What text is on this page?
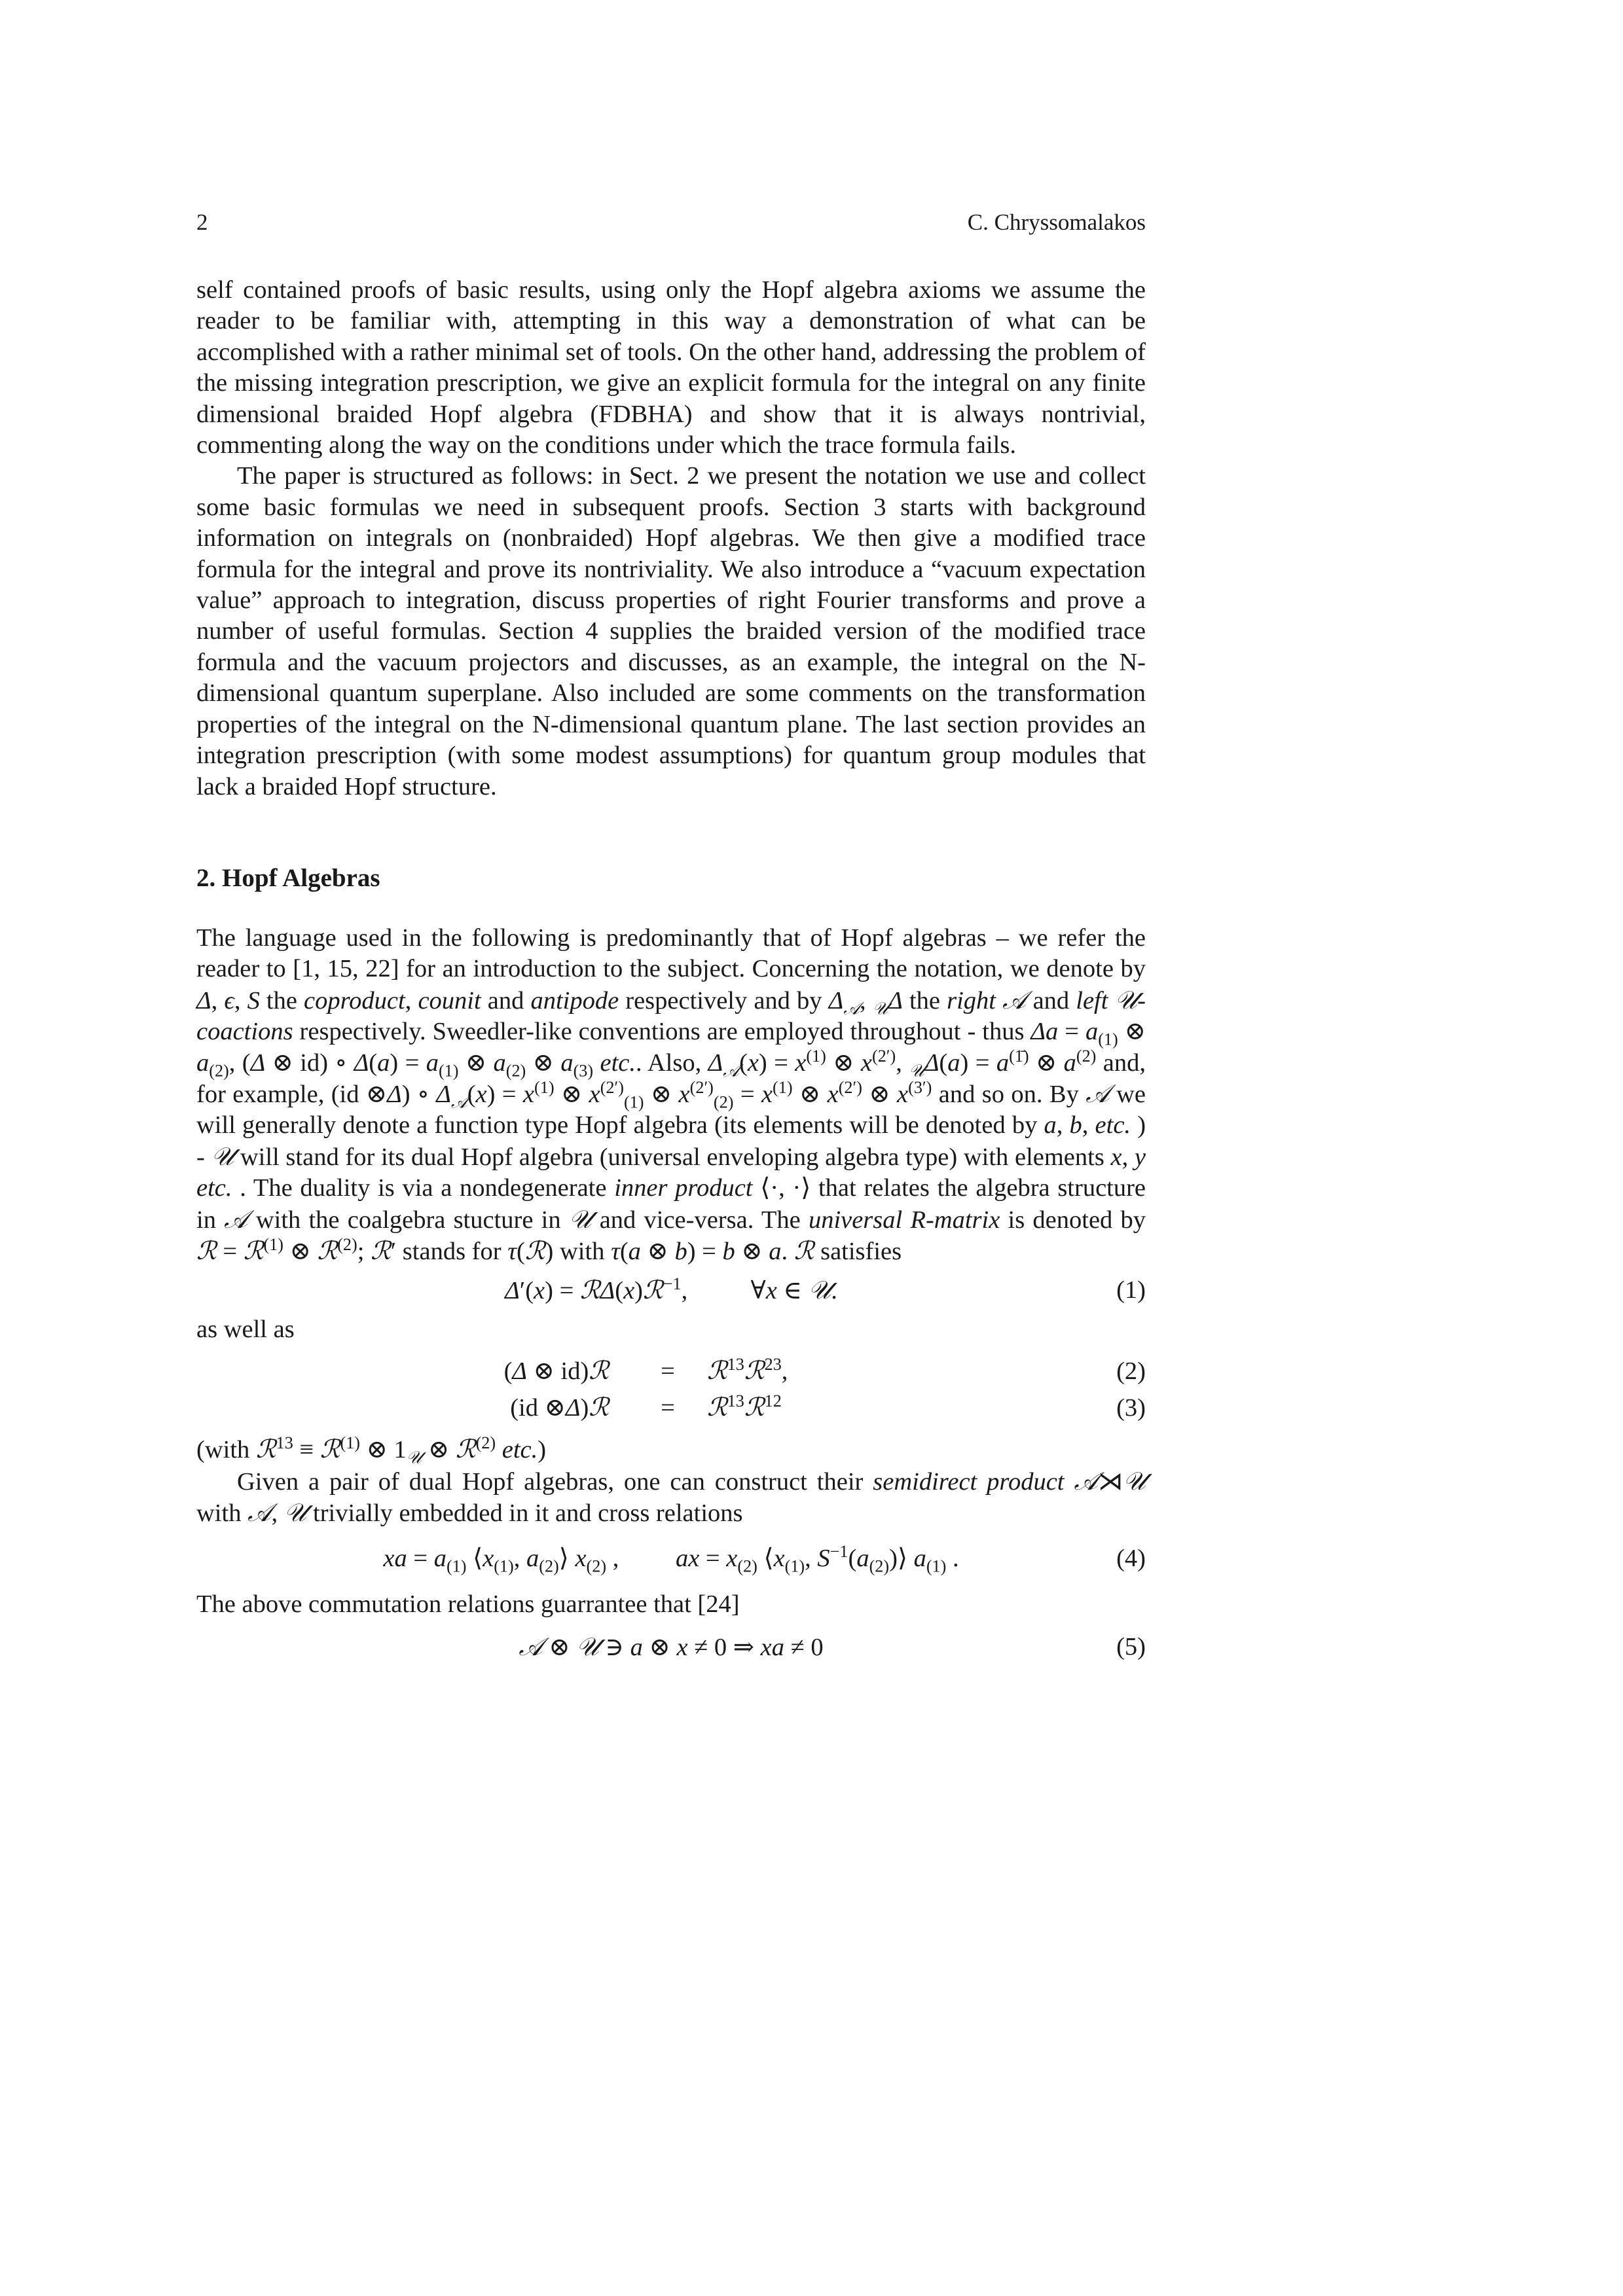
2	C. Chryssomalakos

self contained proofs of basic results, using only the Hopf algebra axioms we assume the reader to be familiar with, attempting in this way a demonstration of what can be accomplished with a rather minimal set of tools. On the other hand, addressing the problem of the missing integration prescription, we give an explicit formula for the integral on any finite dimensional braided Hopf algebra (FDBHA) and show that it is always nontrivial, commenting along the way on the conditions under which the trace formula fails.

The paper is structured as follows: in Sect. 2 we present the notation we use and collect some basic formulas we need in subsequent proofs. Section 3 starts with background information on integrals on (nonbraided) Hopf algebras. We then give a modified trace formula for the integral and prove its nontriviality. We also introduce a “vacuum expectation value” approach to integration, discuss properties of right Fourier transforms and prove a number of useful formulas. Section 4 supplies the braided version of the modified trace formula and the vacuum projectors and discusses, as an example, the integral on the N-dimensional quantum superplane. Also included are some comments on the transformation properties of the integral on the N-dimensional quantum plane. The last section provides an integration prescription (with some modest assumptions) for quantum group modules that lack a braided Hopf structure.

2. Hopf Algebras

The language used in the following is predominantly that of Hopf algebras – we refer the reader to [1, 15, 22] for an introduction to the subject. Concerning the notation, we denote by Δ, ϵ, S the coproduct, counit and antipode respectively and by $\Delta_𝒜$, $_𝒰$Δ the right 𝒜 and left 𝒰-coactions respectively. Sweedler-like conventions are employed throughout - thus $\Delta a = a_{(1)}$ ⊗ $a_{(2)}$, (Δ ⊗ id) ∘ $\Delta(a) = a_{(1)}$ ⊗ $a_{(2)}$ ⊗ $a_{(3)}$ etc.. Also, $\Delta_𝒜(x) = x^{(1)}$ ⊗ $x^{(2')}$, $_𝒰\Delta(a) = a^{(1̄)}$ ⊗ $a^{(2)}$ and, for example, (id ⊗Δ) ∘ $\Delta_𝒜(x) = x^{(1)}$ ⊗ $x^{(2')}_{(1)}$ ⊗ $x^{(2')}_{(2)} = x^{(1)}$ ⊗ $x^{(2')}$ ⊗ $x^{(3')}$ and so on. By 𝒜 we will generally denote a function type Hopf algebra (its elements will be denoted by a, b, etc. ) - 𝒰 will stand for its dual Hopf algebra (universal enveloping algebra type) with elements x, y etc. . The duality is via a nondegenerate inner product ⟨·, ·⟩ that relates the algebra structure in 𝒜 with the coalgebra stucture in 𝒰 and vice-versa. The universal R-matrix is denoted by ℛ = ℛ$^{(1)}$ ⊗ ℛ$^{(2)}$; ℛ′ stands for τ(ℛ) with τ(a ⊗ b) = b ⊗ a. ℛ satisfies

Δ′(x) = ℛΔ(x)ℛ$^{-1}$,          ∀x ∈ 𝒰.	(1)

as well as

(Δ ⊗ id)ℛ = ℛ$^{13}$ℛ$^{23}$,	(2)
(id ⊗Δ)ℛ = ℛ$^{13}$ℛ$^{12}$	(3)

(with ℛ$^{13}$ ≡ ℛ$^{(1)}$ ⊗ $1_𝒰$ ⊗ ℛ$^{(2)}$ etc.)

Given a pair of dual Hopf algebras, one can construct their semidirect product 𝒜⋊𝒰 with 𝒜, 𝒰 trivially embedded in it and cross relations

xa = $a_{(1)}$ $⟨x_{(1)}$, $a_{(2)}⟩$ $x_{(2)}$ ,         ax = $x_{(2)}$ $⟨x_{(1)}$, $S^{-1}(a_{(2)})⟩$ $a_{(1)}$ .	(4)

The above commutation relations guarrantee that [24]

𝒜 ⊗ 𝒰 ∋ a ⊗ x ≠ 0 ⇒ xa ≠ 0	(5)
